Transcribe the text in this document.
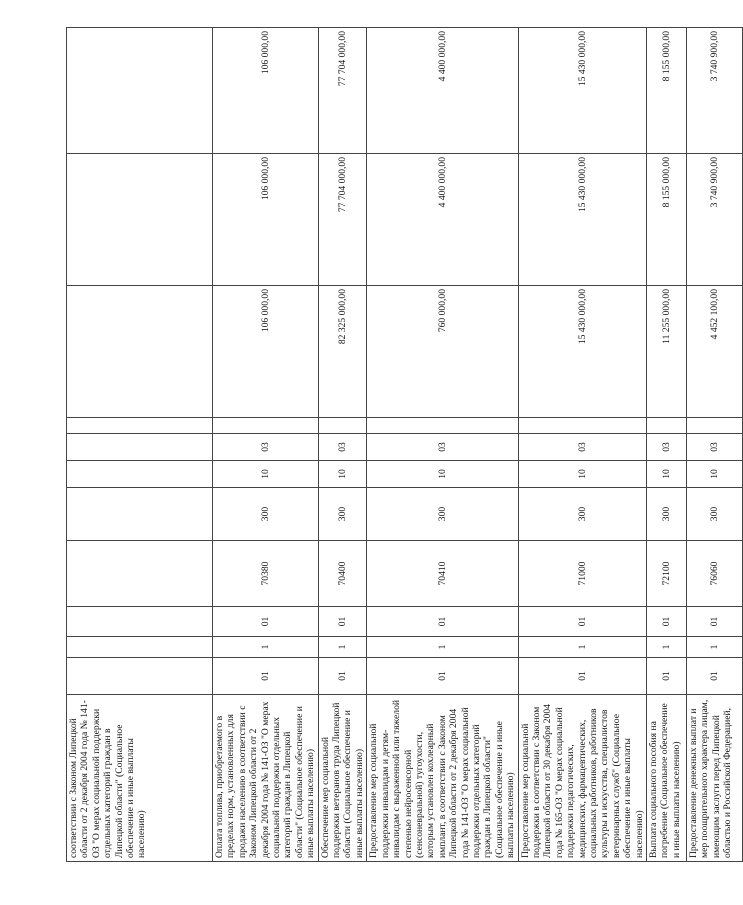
соответствии с Законом Липецкой области от 2 декабря 2004 года № 141-ОЗ "О мерах социальной поддержки отдельных категорий граждан в Липецкой области" (Социальное обеспечение и иные выплаты населению)											
Оплата топлива, приобретаемого в пределах норм, установленных для продажи населению в соответствии с Законом Липецкой области от 2 декабря 2004 года № 141-ОЗ "О мерах социальной поддержки отдельных категорий граждан в Липецкой области" (Социальное обеспечение и иные выплаты населению)	01	1	01	70380	300	10	03		106 000,00	106 000,00	106 000,00
Обеспечение мер социальной поддержки ветеранов труда Липецкой области (Социальное обеспечение и иные выплаты населению)	01	1	01	70400	300	10	03		82 325 000,00	77 704 000,00	77 704 000,00
Предоставление мер социальной поддержки инвалидам и детям-инвалидам с выраженной или тяжелой степенью нейросенсорной (сенсоневральной) тугоухости, которым установлен кохлеарный имплант, в соответствии с Законом Липецкой области от 2 декабря 2004 года № 141-ОЗ "О мерах социальной поддержки отдельных категорий граждан в Липецкой области" (Социальное обеспечение и иные выплаты населению)	01	1	01	70410	300	10	03		760 000,00	4 400 000,00	4 400 000,00
Предоставление мер социальной поддержки в соответствии с Законом Липецкой области от 30 декабря 2004 года № 165-ОЗ "О мерах социальной поддержки педагогических, медицинских, фармацевтических, социальных работников, работников культуры и искусства, специалистов ветеринарных служб" (Социальное обеспечение и иные выплаты населению)	01	1	01	71000	300	10	03		15 430 000,00	15 430 000,00	15 430 000,00
Выплата социального пособия на погребение (Социальное обеспечение и иные выплаты населению)	01	1	01	72100	300	10	03		11 255 000,00	8 155 000,00	8 155 000,00
Предоставление денежных выплат и мер поощрительного характера лицам, имеющим заслуги перед Липецкой областью и Российской Федерацией,	01	1	01	76060	300	10	03		4 452 100,00	3 740 900,00	3 740 900,00
